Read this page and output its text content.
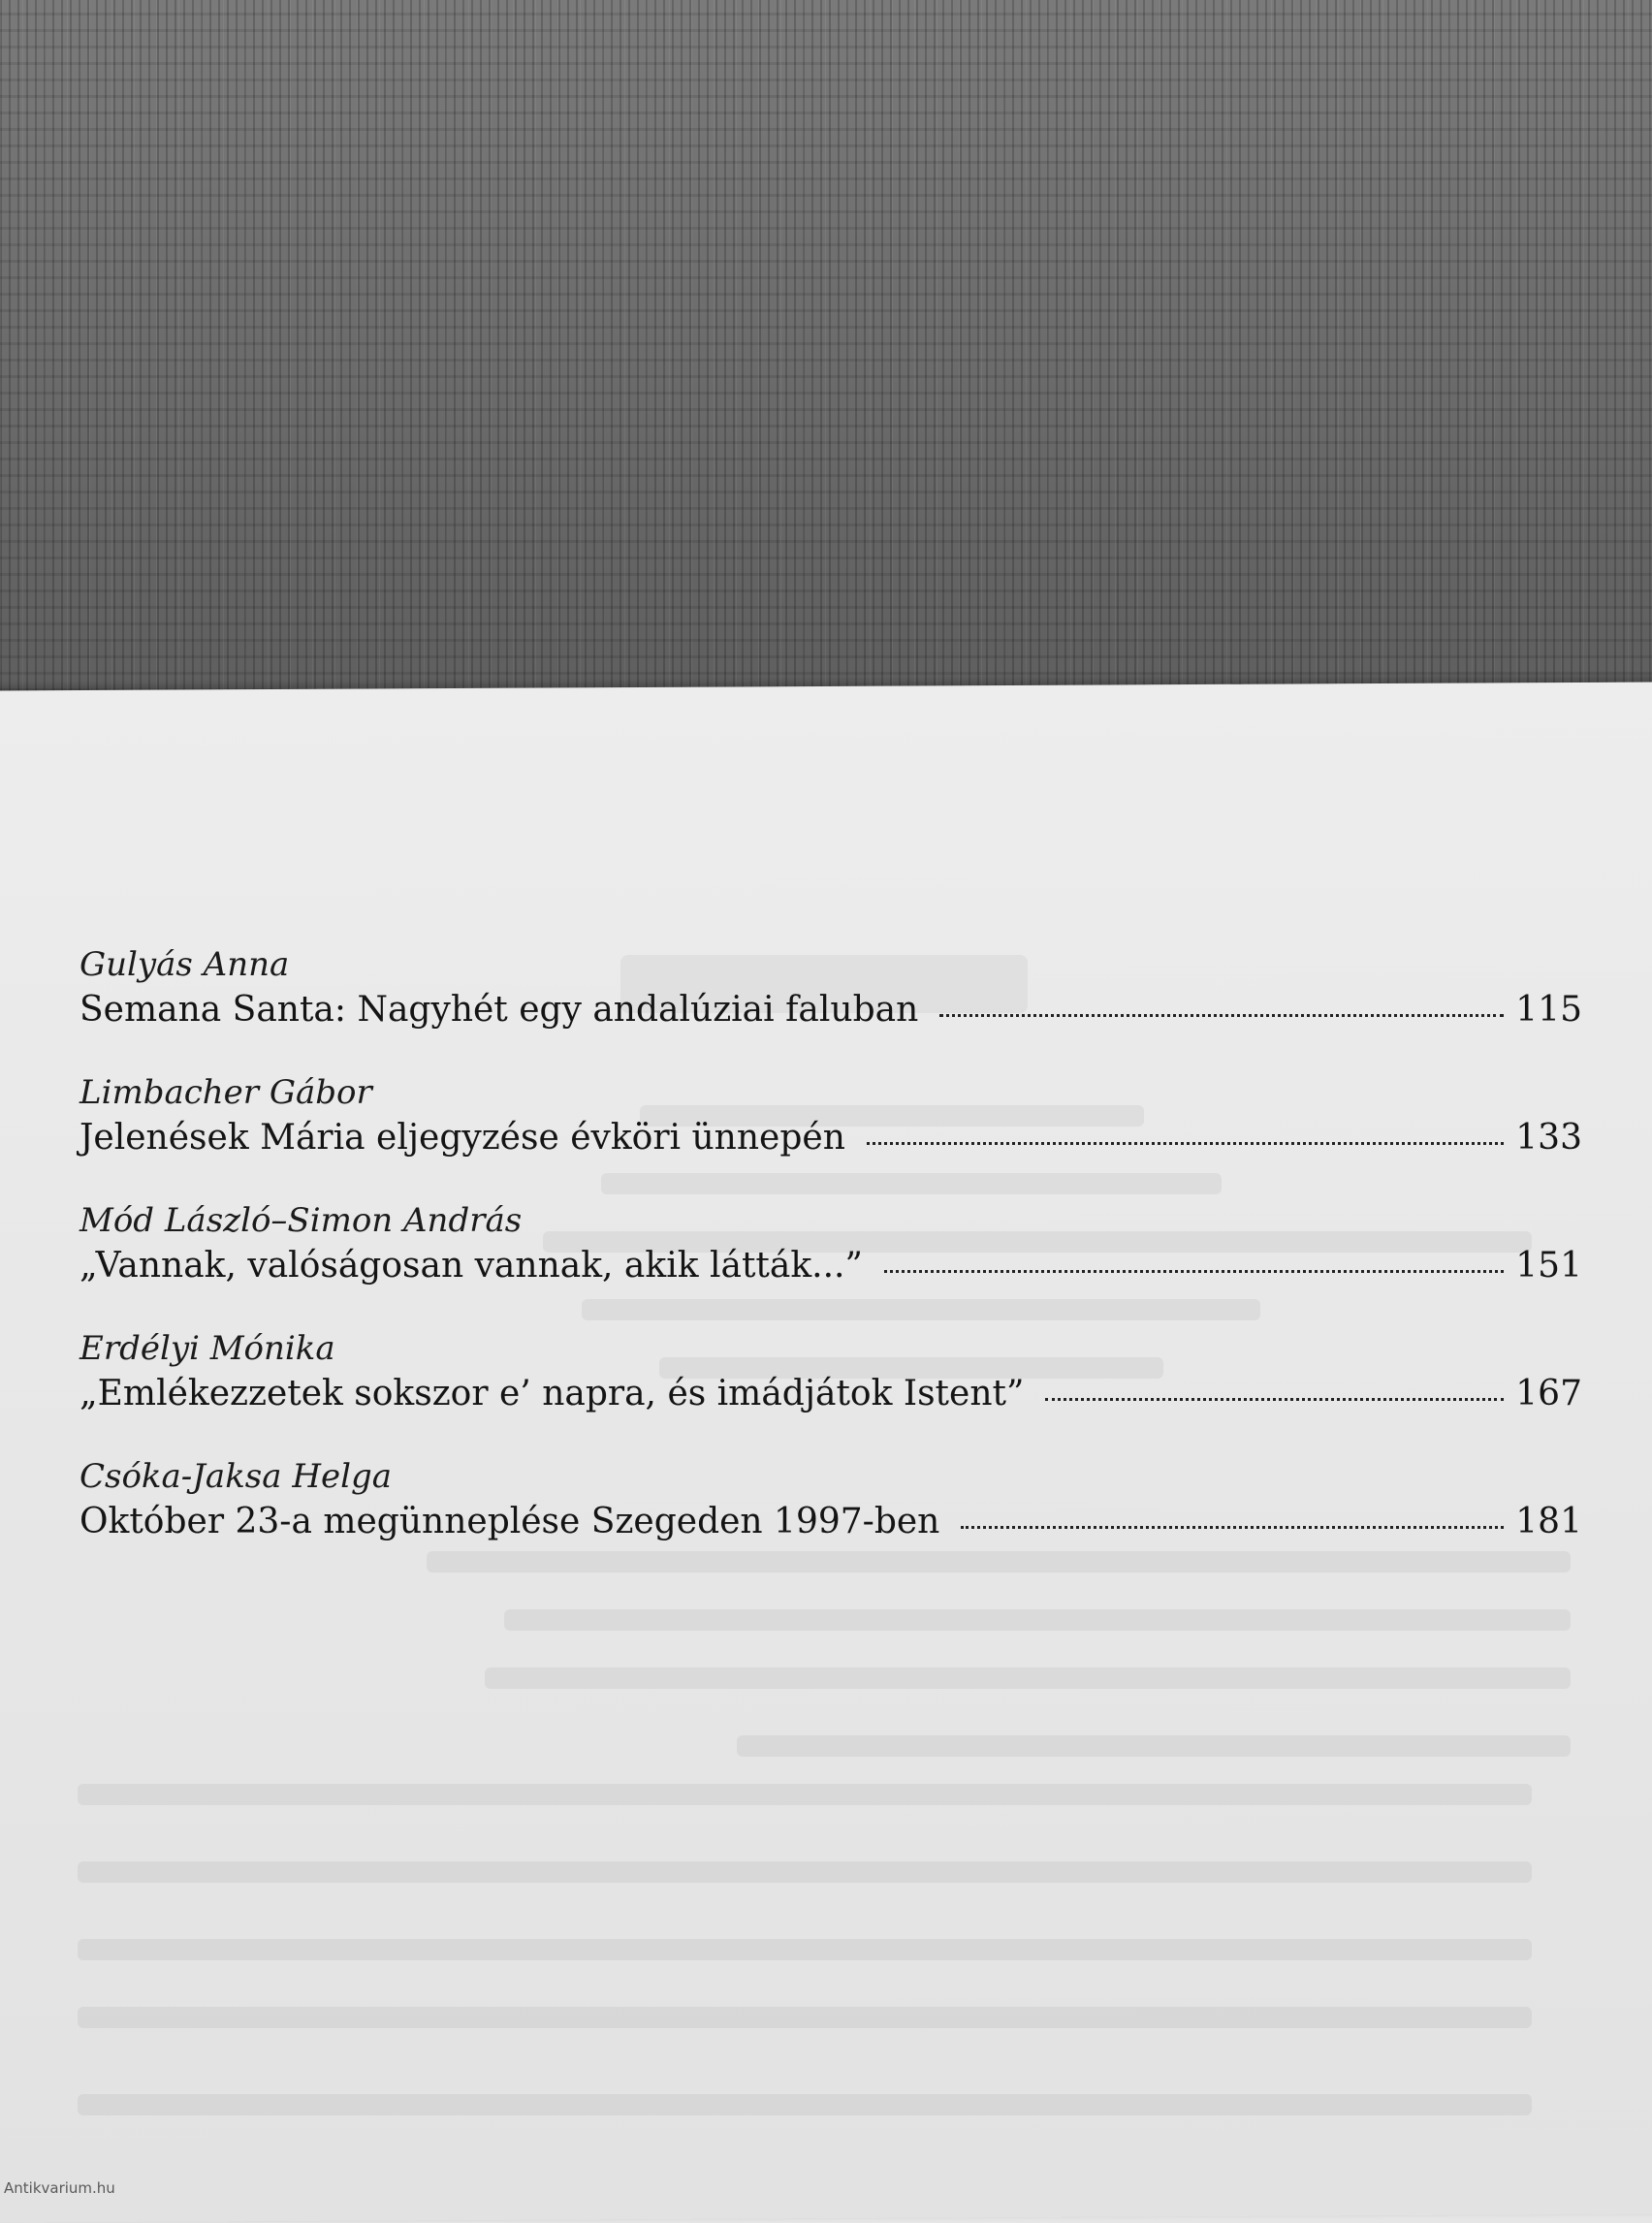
Gulyás Anna
Semana Santa: Nagyhét egy andalúziai faluban	115
Limbacher Gábor
Jelenések Mária eljegyzése évköri ünnepén	133
Mód László–Simon András
„Vannak, valóságosan vannak, akik látták...”	151
Erdélyi Mónika
„Emlékezzetek sokszor e’ napra, és imádjátok Istent”	167
Csóka-Jaksa Helga
Október 23-a megünneplése Szegeden 1997-ben	181
Antikvarium.hu
